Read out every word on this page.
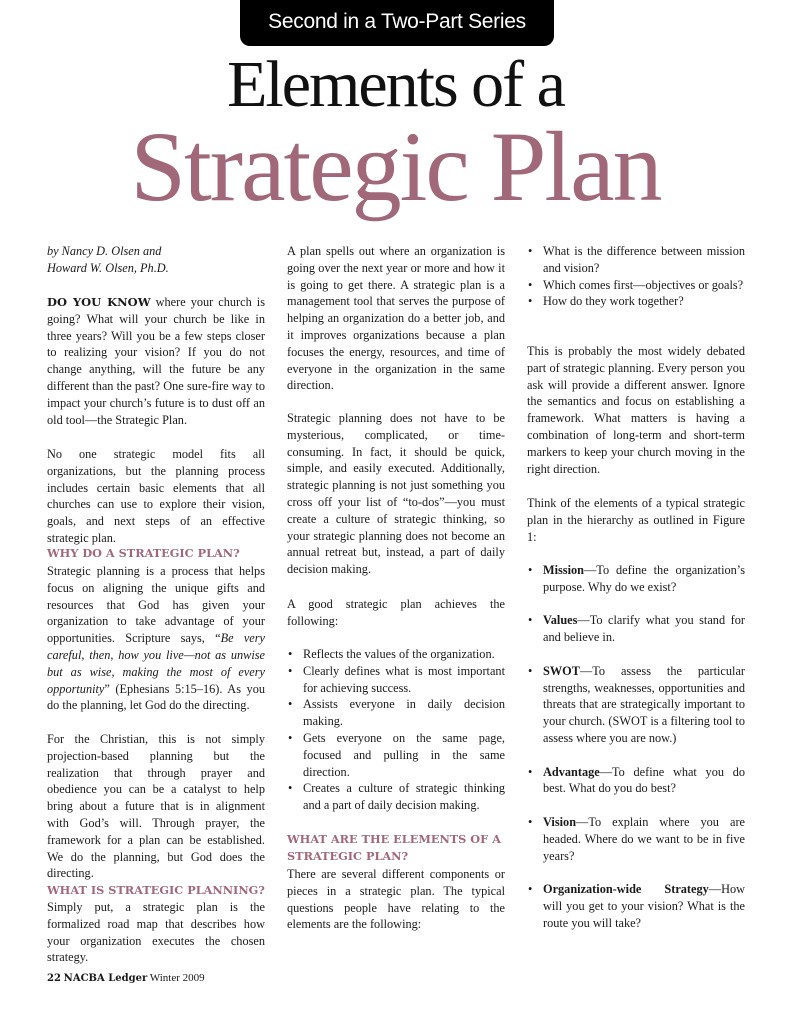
Second in a Two-Part Series
Elements of a
Strategic Plan

by Nancy D. Olsen and
Howard W. Olsen, Ph.D.

DO YOU KNOW where your church is going? What will your church be like in three years? Will you be a few steps closer to realizing your vision? If you do not change anything, will the future be any different than the past? One sure-fire way to impact your church’s future is to dust off an old tool—the Strategic Plan.

No one strategic model fits all organizations, but the planning process includes certain basic elements that all churches can use to explore their vision, goals, and next steps of an effective strategic plan.

WHY DO A STRATEGIC PLAN?

Strategic planning is a process that helps focus on aligning the unique gifts and resources that God has given your organization to take advantage of your opportunities. Scripture says, “Be very careful, then, how you live—not as unwise but as wise, making the most of every opportunity” (Ephesians 5:15–16). As you do the planning, let God do the directing.

For the Christian, this is not simply projection-based planning but the realization that through prayer and obedience you can be a catalyst to help bring about a future that is in alignment with God’s will. Through prayer, the framework for a plan can be established. We do the planning, but God does the directing.

WHAT IS STRATEGIC PLANNING?

Simply put, a strategic plan is the formalized road map that describes how your organization executes the chosen strategy.

A plan spells out where an organization is going over the next year or more and how it is going to get there. A strategic plan is a management tool that serves the purpose of helping an organization do a better job, and it improves organizations because a plan focuses the energy, resources, and time of everyone in the organization in the same direction.

Strategic planning does not have to be mysterious, complicated, or time-consuming. In fact, it should be quick, simple, and easily executed. Additionally, strategic planning is not just something you cross off your list of “to-dos”—you must create a culture of strategic thinking, so your strategic planning does not become an annual retreat but, instead, a part of daily decision making.

A good strategic plan achieves the following:

• Reflects the values of the organization.
• Clearly defines what is most important for achieving success.
• Assists everyone in daily decision making.
• Gets everyone on the same page, focused and pulling in the same direction.
• Creates a culture of strategic thinking and a part of daily decision making.

WHAT ARE THE ELEMENTS OF A STRATEGIC PLAN?

There are several different components or pieces in a strategic plan. The typical questions people have relating to the elements are the following:

• What is the difference between mission and vision?
• Which comes first—objectives or goals?
• How do they work together?

This is probably the most widely debated part of strategic planning. Every person you ask will provide a different answer. Ignore the semantics and focus on establishing a framework. What matters is having a combination of long-term and short-term markers to keep your church moving in the right direction.

Think of the elements of a typical strategic plan in the hierarchy as outlined in Figure 1:

• Mission—To define the organization’s purpose. Why do we exist?
• Values—To clarify what you stand for and believe in.
• SWOT—To assess the particular strengths, weaknesses, opportunities and threats that are strategically important to your church. (SWOT is a filtering tool to assess where you are now.)
• Advantage—To define what you do best. What do you do best?
• Vision—To explain where you are headed. Where do we want to be in five years?
• Organization-wide Strategy—How will you get to your vision? What is the route you will take?
22 NACBA Ledger Winter 2009
